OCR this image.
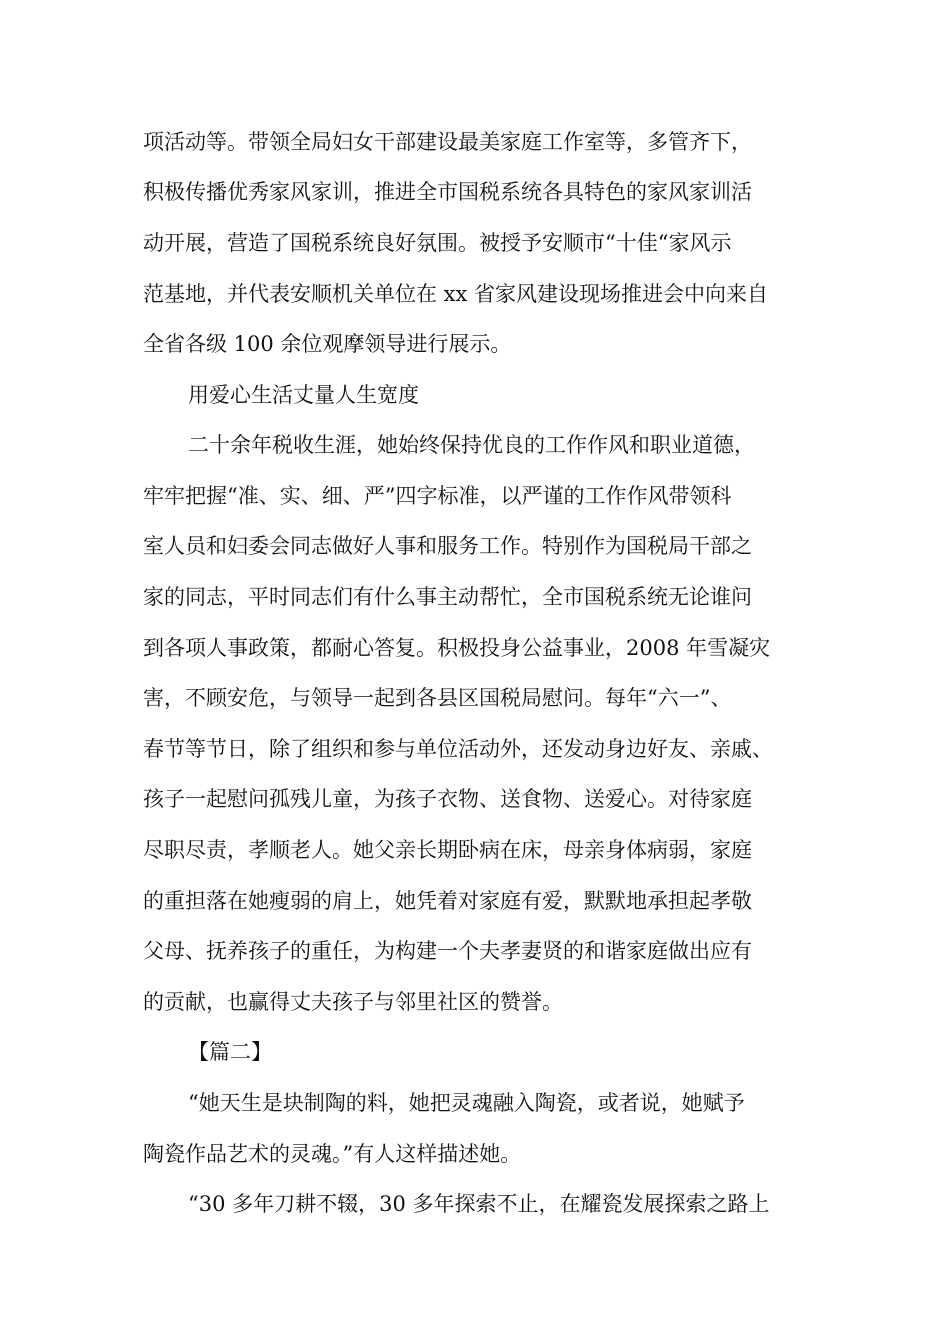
项活动等。带领全局妇女干部建设最美家庭工作室等，多管齐下，
积极传播优秀家风家训，推进全市国税系统各具特色的家风家训活
动开展，营造了国税系统良好氛围。被授予安顺市“十佳“家风示
范基地，并代表安顺机关单位在 xx 省家风建设现场推进会中向来自
全省各级 100 余位观摩领导进行展示。
用爱心生活丈量人生宽度
二十余年税收生涯，她始终保持优良的工作作风和职业道德，
牢牢把握“准、实、细、严”四字标准，以严谨的工作作风带领科
室人员和妇委会同志做好人事和服务工作。特别作为国税局干部之
家的同志，平时同志们有什么事主动帮忙，全市国税系统无论谁问
到各项人事政策，都耐心答复。积极投身公益事业，2008 年雪凝灾
害，不顾安危，与领导一起到各县区国税局慰问。每年“六一”、
春节等节日，除了组织和参与单位活动外，还发动身边好友、亲戚、
孩子一起慰问孤残儿童，为孩子衣物、送食物、送爱心。对待家庭
尽职尽责，孝顺老人。她父亲长期卧病在床，母亲身体病弱，家庭
的重担落在她瘦弱的肩上，她凭着对家庭有爱，默默地承担起孝敬
父母、抚养孩子的重任，为构建一个夫孝妻贤的和谐家庭做出应有
的贡献，也赢得丈夫孩子与邻里社区的赞誉。
【篇二】
“她天生是块制陶的料，她把灵魂融入陶瓷，或者说，她赋予
陶瓷作品艺术的灵魂。”有人这样描述她。
“30 多年刀耕不辍，30 多年探索不止，在耀瓷发展探索之路上
